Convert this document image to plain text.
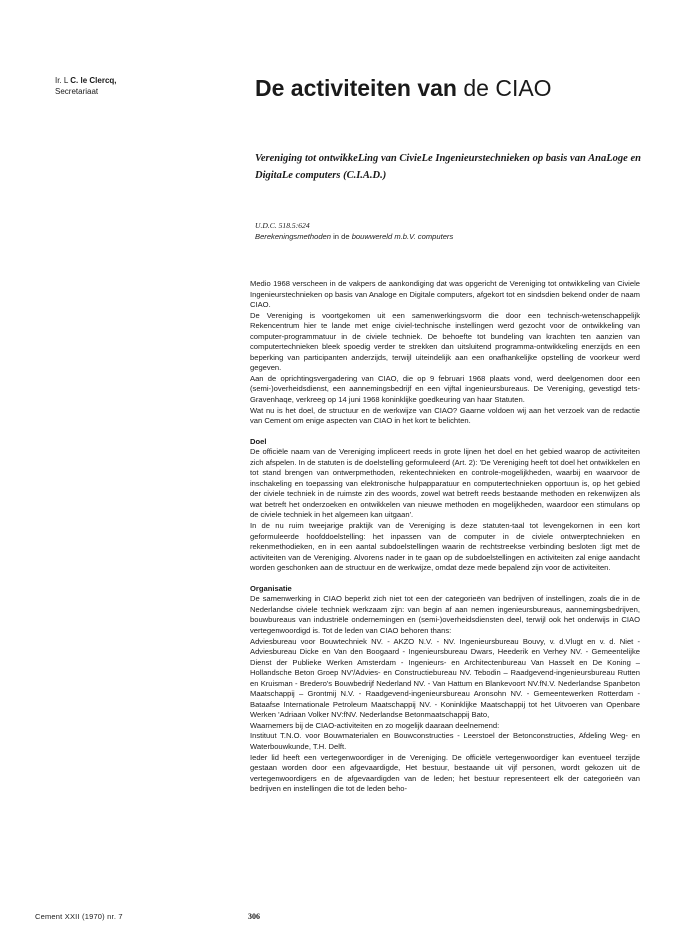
Ir. L C. le Clercq,
Secretariaat	De activiteiten van de CIAO

Vereniging tot ontwikkeLing van CivieLe Ingenieurstechnieken op basis van AnaLoge en DigitaLe computers (C.I.A.D.)

U.D.C. 518.5:624
Berekeningsmethoden in de bouwwereld m.b.V. computers

Medio 1968 verscheen in de vakpers de aankondiging dat was opgericht de Vereniging tot ontwikkeling van Civiele Ingenieurstechnieken op basis van Analoge en Digitale computers, afgekort tot en sindsdien bekend onder de naam CIAO.

De Vereniging is voortgekomen uit een samenwerkingsvorm die door een technisch-wetenschappelijk Rekencentrum hier te lande met enige civiel-technische instellingen werd gezocht voor de ontwikkeling van computer-programmatuur in de civiele techniek. De behoefte tot bundeling van krachten ten aanzien van computertechnieken bleek spoedig verder te strekken dan uitsluitend programma-ontwikkeling enerzijds en een beperking van participanten anderzijds, terwijl uiteindelijk aan een onafhankelijke opstelling de voorkeur werd gegeven.

Aan de oprichtingsvergadering van CIAO, die op 9 februari 1968 plaats vond, werd deelgenomen door een (semi-)overheidsdienst, een aannemingsbedrijf en een vijftal ingenieursbureaus. De Vereniging, gevestigd tets-Gravenhaqe, verkreeg op 14 juni 1968 koninklijke goedkeuring van haar Statuten.

Wat nu is het doel, de structuur en de werkwijze van CIAO? Gaarne voldoen wij aan het verzoek van de redactie van Cement om enige aspecten van CIAO in het kort te belichten.

Doel

De officiële naam van de Vereniging impliceert reeds in grote lijnen het doel en het gebied waarop de activiteiten zich afspelen. In de statuten is de doelstelling geformuleerd (Art. 2): 'De Vereniging heeft tot doel het ontwikkelen en tot stand brengen van ontwerpmethoden, rekentechnieken en controle-mogelijkheden, waarbij en waarvoor de inschakeling en toepassing van elektronische hulpapparatuur en computertechnieken opportuun is, op het gebied der civiele techniek in de ruimste zin des woords, zowel wat betreft reeds bestaande methoden en rekenwijzen als wat betreft het onderzoeken en ontwikkelen van nieuwe methoden en mogelijkheden, waardoor een stimulans op de civiele techniek in het algemeen kan uitgaan'.

In de nu ruim tweejarige praktijk van de Vereniging is deze statuten-taal tot levengekornen in een kort geformuleerde hoofddoelstelling: het inpassen van de computer in de civiele ontwerptechnieken en rekenmethodieken, en in een aantal subdoelstellingen waarin de rechtstreekse verbinding besloten :ligt met de activiteiten van de Vereniging. Alvorens nader in te gaan op de subdoelstellingen en activiteiten zal enige aandacht worden geschonken aan de structuur en de werkwijze, omdat deze mede bepalend zijn voor de activiteiten.

Organisatie

De samenwerking in CIAO beperkt zich niet tot een der categorieën van bedrijven of instellingen, zoals die in de Nederlandse civiele techniek werkzaam zijn: van begin af aan nemen ingenieursbureaus, aannemingsbedrijven, bouwbureaus van industriële ondernemingen en (semi-)overheidsdiensten deel, terwijl ook het onderwijs in CIAO vertegenwoordigd is. Tot de leden van CIAO behoren thans:

Adviesbureau voor Bouwtechniek NV. - AKZO N.V. - NV. Ingenieursbureau Bouvy, v. d.Vlugt en v. d. Niet - Adviesbureau Dicke en Van den Boogaard - Ingenieursbureau Dwars, Heederik en Verhey NV. - Gemeentelijke Dienst der Publieke Werken Amsterdam - Ingenieurs- en Architectenbureau Van Hasselt en De Koning – Hollandsche Beton Groep NV'/Advies- en Constructiebureau NV. Tebodin – Raadgevend-ingenieursbureau Rutten en Kruisman - Bredero's Bouwbedrijf Nederland NV. - Van Hattum en Blankevoort NV.fN.V. Nederlandse Spanbeton Maatschappij – Grontmij N.V. - Raadgevend-ingenieursbureau Aronsohn NV. - Gemeentewerken Rotterdam - Bataafse Internationale Petroleum Maatschappij NV. - Koninklijke Maatschappij tot het Uitvoeren van Openbare Werken 'Adriaan Volker NV:fNV. Nederlandse Betonmaatschappij Bato,

Waarnemers bij de CIAO-activiteiten en zo mogelijk daaraan deelnemend:

Instituut T.N.O. voor Bouwmaterialen en Bouwconstructies - Leerstoel der Betonconstructies, Afdeling Weg- en Waterbouwkunde, T.H. Delft.

Ieder lid heeft een vertegenwoordiger in de Vereniging. De officiële vertegenwoordiger kan eventueel terzijde gestaan worden door een afgevaardigde, Het bestuur, bestaande uit vijf personen, wordt gekozen uit de vertegenwoordigers en de afgevaardigden van de leden; het bestuur representeert elk der categorieën van bedrijven en instellingen die tot de leden beho-

Cement XXII (1970) nr. 7	306
